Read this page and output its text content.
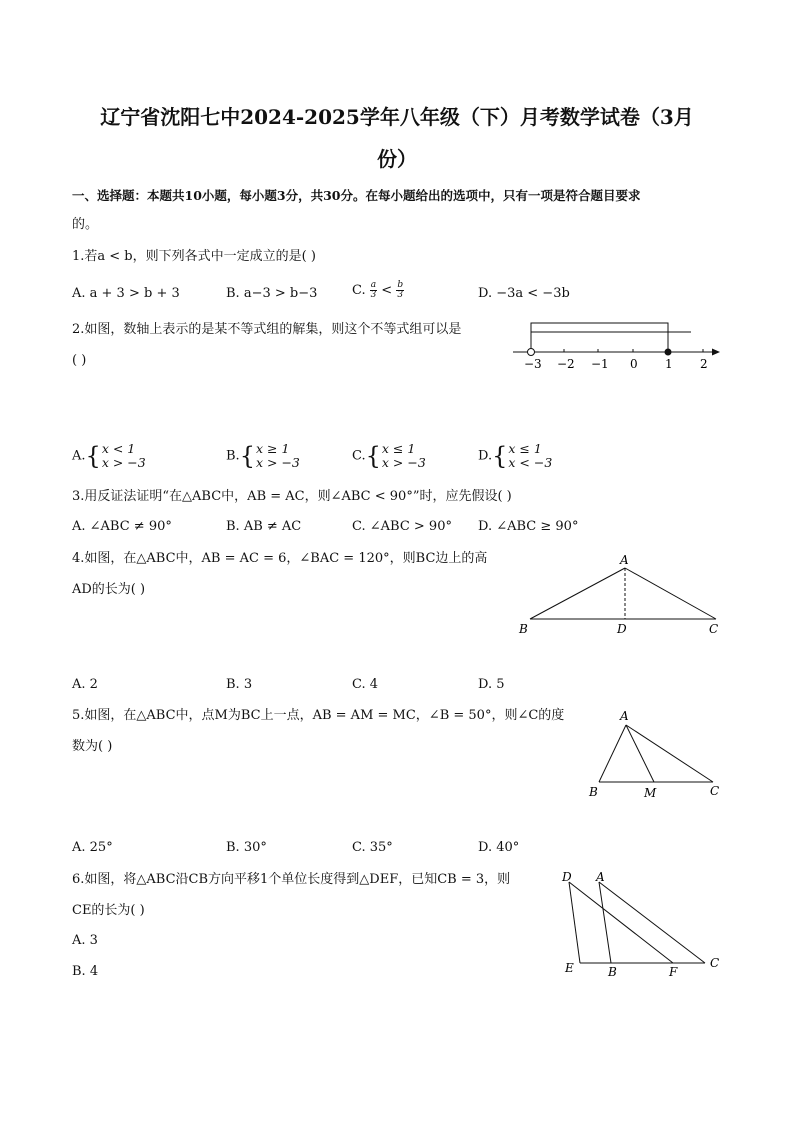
辽宁省沈阳七中2024-2025学年八年级（下）月考数学试卷（3月
份）
一、选择题：本题共10小题，每小题3分，共30分。在每小题给出的选项中，只有一项是符合题目要求
的。
1.若a < b，则下列各式中一定成立的是( )
A. a + 3 > b + 3	B. a−3 > b−3	C. $\frac{a}{3} < \frac{b}{3}$	D. −3a < −3b
2.如图，数轴上表示的是某不等式组的解集，则这个不等式组可以是
( )	−3 −2 −1 0 1 2
A.{ x < 1
x > −3	B.{ x ≥ 1
x > −3	C.{ x ≤ 1
x > −3	D.{ x ≤ 1
x < −3
3.用反证法证明“在△ABC中，AB = AC，则∠ABC < 90°”时，应先假设( )
A. ∠ABC ≠ 90°	B. AB ≠ AC	C. ∠ABC > 90° D. ∠ABC ≥ 90°
4.如图，在△ABC中，AB = AC = 6，∠BAC = 120°，则BC边上的高
AD的长为( )
A
B	D	C
A. 2	B. 3	C. 4	D. 5
5.如图，在△ABC中，点M为BC上一点，AB = AM = MC，∠B = 50°，则∠C的度
数为( )
A
B	M	C
A. 25°	B. 30°	C. 35°	D. 40°
6.如图，将△ABC沿CB方向平移1个单位长度得到△DEF，已知CB = 3，则
CE的长为( )
D A
E	B	F
C
A. 3
B. 4
